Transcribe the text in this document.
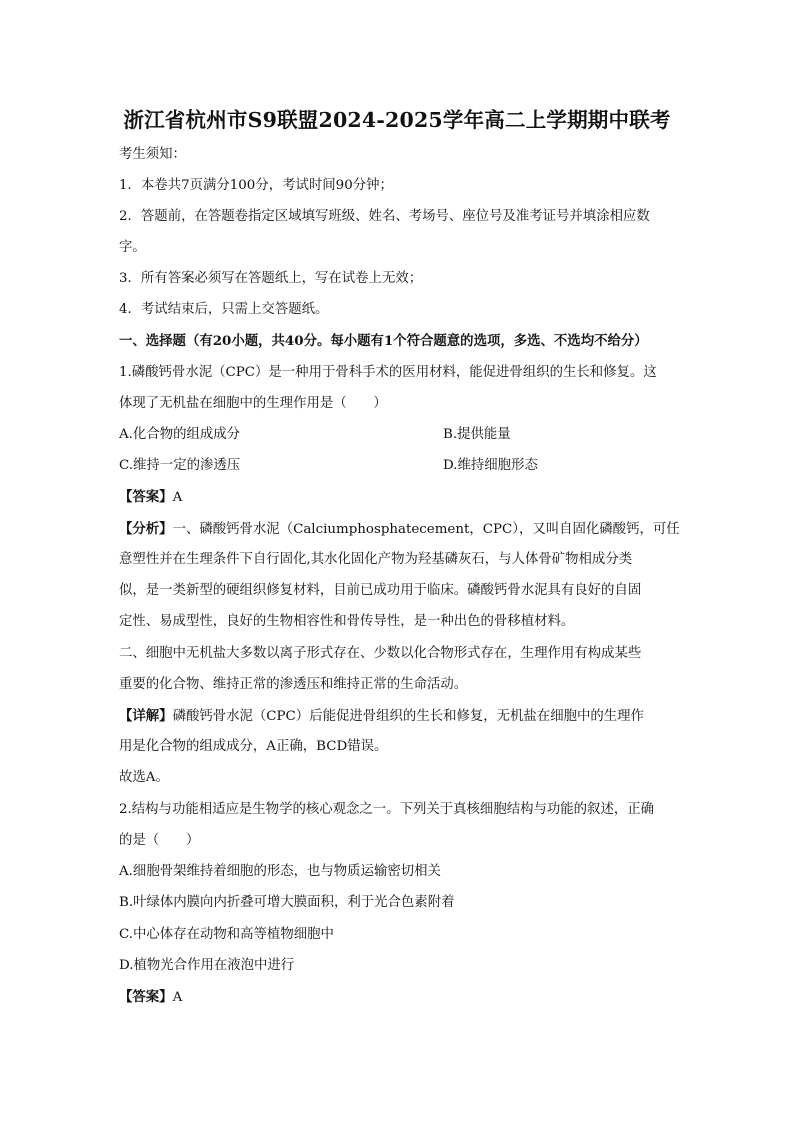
浙江省杭州市S9联盟2024-2025学年高二上学期期中联考
考生须知：
1．本卷共7页满分100分，考试时间90分钟；
2．答题前，在答题卷指定区域填写班级、姓名、考场号、座位号及准考证号并填涂相应数
字。
3．所有答案必须写在答题纸上，写在试卷上无效；
4．考试结束后，只需上交答题纸。
一、选择题（有20小题，共40分。每小题有1个符合题意的选项，多选、不选均不给分）
1.磷酸钙骨水泥（CPC）是一种用于骨科手术的医用材料，能促进骨组织的生长和修复。这
体现了无机盐在细胞中的生理作用是（　　）
A.化合物的组成成分	B.提供能量
C.维持一定的渗透压	D.维持细胞形态
【答案】A
【分析】一、磷酸钙骨水泥（Calciumphosphatecement，CPC），又叫自固化磷酸钙，可任
意塑性并在生理条件下自行固化,其水化固化产物为羟基磷灰石，与人体骨矿物相成分类
似，是一类新型的硬组织修复材料，目前已成功用于临床。磷酸钙骨水泥具有良好的自固
定性、易成型性，良好的生物相容性和骨传导性，是一种出色的骨移植材料。
二、细胞中无机盐大多数以离子形式存在、少数以化合物形式存在，生理作用有构成某些
重要的化合物、维持正常的渗透压和维持正常的生命活动。
【详解】磷酸钙骨水泥（CPC）后能促进骨组织的生长和修复，无机盐在细胞中的生理作
用是化合物的组成成分，A正确，BCD错误。
故选A。
2.结构与功能相适应是生物学的核心观念之一。下列关于真核细胞结构与功能的叙述，正确
的是（　　）
A.细胞骨架维持着细胞的形态，也与物质运输密切相关
B.叶绿体内膜向内折叠可增大膜面积，利于光合色素附着
C.中心体存在动物和高等植物细胞中
D.植物光合作用在液泡中进行
【答案】A
